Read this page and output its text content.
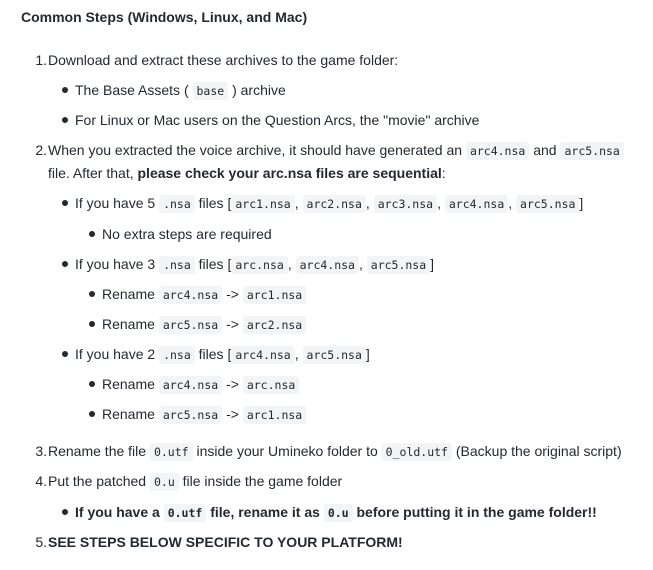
Common Steps (Windows, Linux, and Mac)
1. Download and extract these archives to the game folder:
The Base Assets ( base ) archive
For Linux or Mac users on the Question Arcs, the "movie" archive
2. When you extracted the voice archive, it should have generated an arc4.nsa and arc5.nsa
file. After that, please check your arc.nsa files are sequential:
If you have 5 .nsa files [ arc1.nsa , arc2.nsa , arc3.nsa , arc4.nsa , arc5.nsa ]
No extra steps are required
If you have 3 .nsa files [ arc.nsa , arc4.nsa , arc5.nsa ]
Rename arc4.nsa -> arc1.nsa
Rename arc5.nsa -> arc2.nsa
If you have 2 .nsa files [ arc4.nsa , arc5.nsa ]
Rename arc4.nsa -> arc.nsa
Rename arc5.nsa -> arc1.nsa
3. Rename the file 0.utf inside your Umineko folder to 0_old.utf (Backup the original script)
4. Put the patched 0.u file inside the game folder
If you have a 0.utf file, rename it as 0.u before putting it in the game folder!!
5. SEE STEPS BELOW SPECIFIC TO YOUR PLATFORM!
